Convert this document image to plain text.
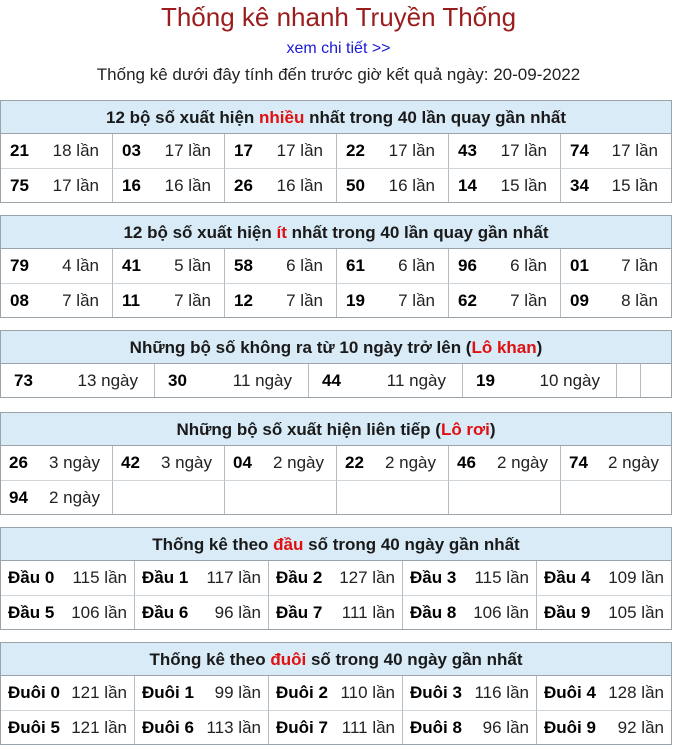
Thống kê nhanh Truyền Thống
xem chi tiết >>
Thống kê dưới đây tính đến trước giờ kết quả ngày: 20-09-2022
12 bộ số xuất hiện nhiều nhất trong 40 lần quay gần nhất
21 18 lần	03 17 lần	17 17 lần	22 17 lần	43 17 lần	74 17 lần
75 17 lần	16 16 lần	26 16 lần	50 16 lần	14 15 lần	34 15 lần
12 bộ số xuất hiện ít nhất trong 40 lần quay gần nhất
79 4 lần	41 5 lần	58 6 lần	61 6 lần	96 6 lần	01 7 lần
08 7 lần	11 7 lần	12 7 lần	19 7 lần	62 7 lần	09 8 lần
Những bộ số không ra từ 10 ngày trở lên (Lô khan)
73	13 ngày	30	11 ngày	44	11 ngày	19	10 ngày
Những bộ số xuất hiện liên tiếp (Lô rơi)
26 3 ngày	42 3 ngày	04 2 ngày	22 2 ngày	46 2 ngày	74 2 ngày
94 2 ngày
Thống kê theo đầu số trong 40 ngày gần nhất
Đầu 0 115 lần Đầu 1 117 lần Đầu 2 127 lần Đầu 3 115 lần Đầu 4 109 lần
Đầu 5 106 lần Đầu 6 96 lần Đầu 7 111 lần Đầu 8 106 lần Đầu 9 105 lần
Thống kê theo đuôi số trong 40 ngày gần nhất
Đuôi 0 121 lần Đuôi 1 99 lần Đuôi 2 110 lần Đuôi 3 116 lần Đuôi 4 128 lần
Đuôi 5 121 lần Đuôi 6 113 lần Đuôi 7 111 lần Đuôi 8 96 lần Đuôi 9 92 lần
